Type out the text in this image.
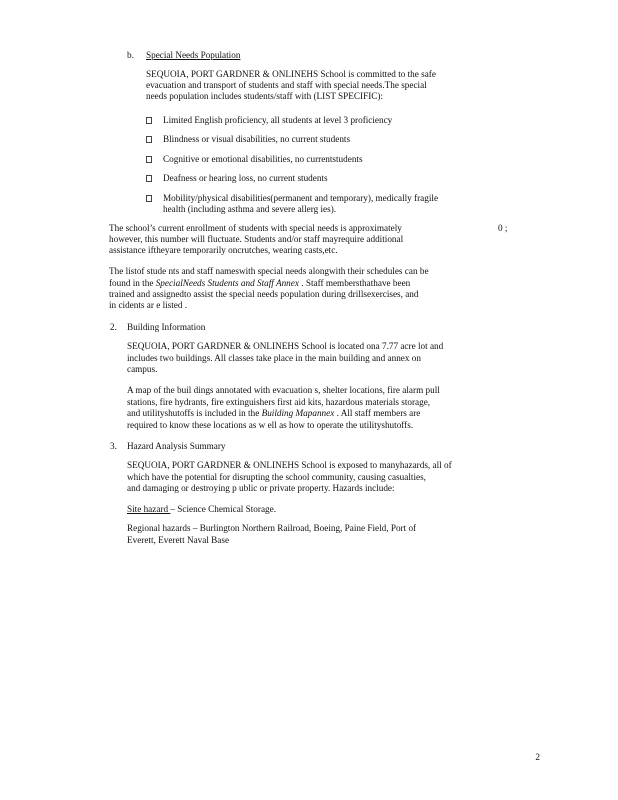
b. Special Needs Population
SEQUOIA, PORT GARDNER & ONLINEHS School is committed to the safe
evacuation and transport of students and staff with special needs.The special
needs population includes students/staff with (LIST SPECIFIC):
Limited English proficiency, all students at level 3 proficiency
Blindness or visual disabilities, no current students
Cognitive or emotional disabilities, no currentstudents
Deafness or hearing loss, no current students
Mobility/physical disabilities(permanent and temporary), medically fragile
health (including asthma and severe allerg ies).
The school’s current enrollment of students with special needs is approximately	0 ;
however, this number will fluctuate. Students and/or staff mayrequire additional
assistance iftheyare temporarily oncrutches, wearing casts,etc.
The listof stude nts and staff nameswith special needs alongwith their schedules can be
found in the SpecialNeeds Students and Staff Annex . Staff membersthathave been
trained and assignedto assist the special needs population during drillsexercises, and
in cidents ar e listed .
2. Building Information
SEQUOIA, PORT GARDNER & ONLINEHS School is located ona 7.77 acre lot and
includes two buildings. All classes take place in the main building and annex on
campus.
A map of the buil dings annotated with evacuation s, shelter locations, fire alarm pull
stations, fire hydrants, fire extinguishers first aid kits, hazardous materials storage,
and utilityshutoffs is included in the Building Mapannex . All staff members are
required to know these locations as w ell as how to operate the utilityshutoffs.
3. Hazard Analysis Summary
SEQUOIA, PORT GARDNER & ONLINEHS School is exposed to manyhazards, all of
which have the potential for disrupting the school community, causing casualties,
and damaging or destroying p ublic or private property. Hazards include:
Site hazard – Science Chemical Storage.
Regional hazards – Burlington Northern Railroad, Boeing, Paine Field, Port of
Everett, Everett Naval Base
2
